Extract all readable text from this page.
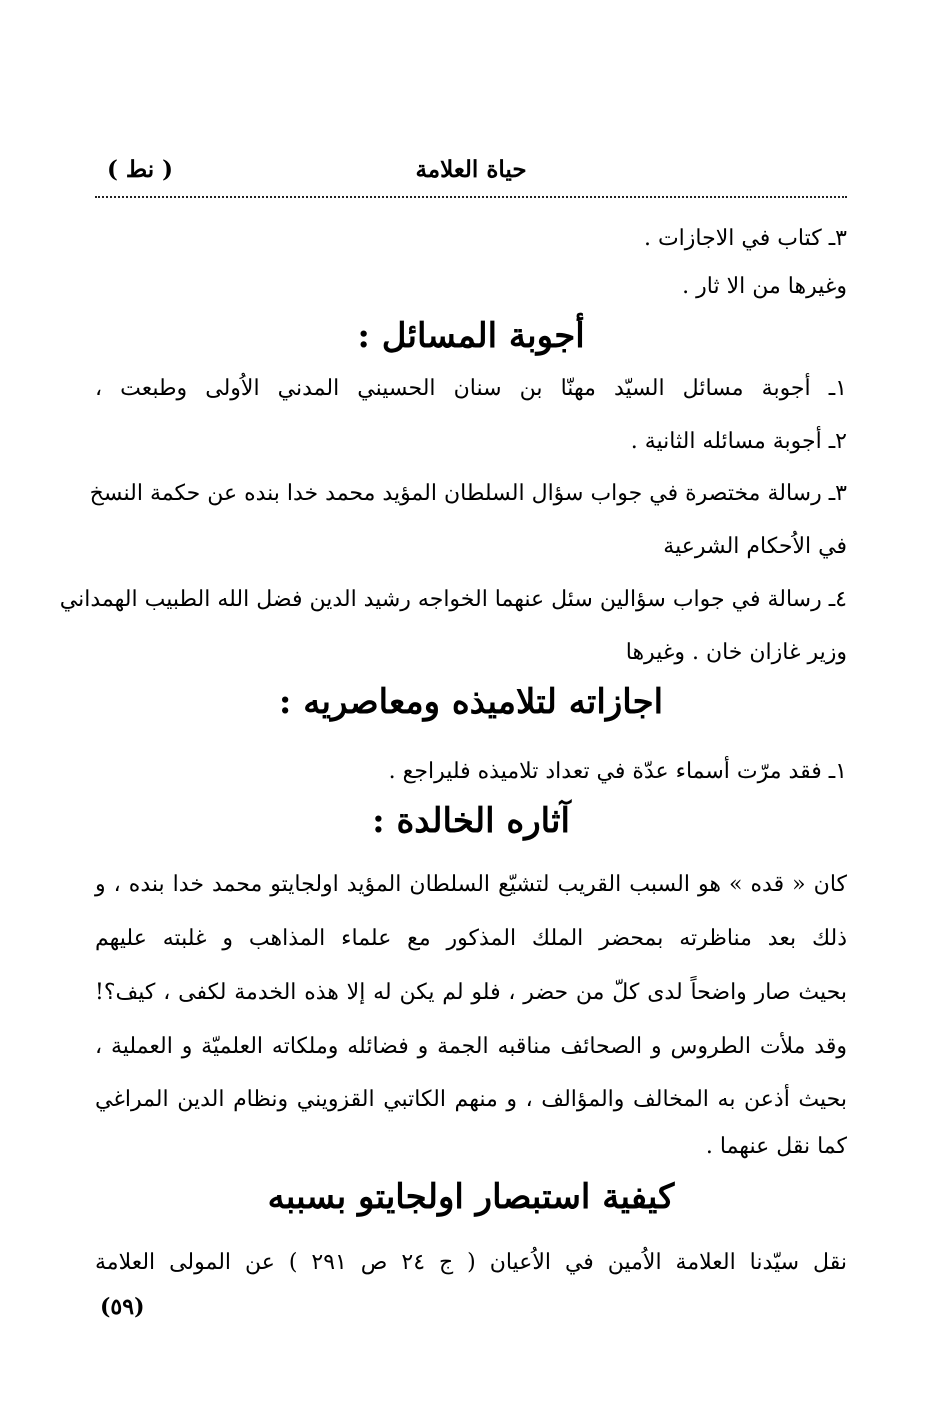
حياة العلامة
( نط )
٣ـ كتاب في الاجازات .
وغيرها من الا ثار .
أجوبة المسائل :
١ـ أجوبة مسائل السيّد مهنّا بن سنان الحسيني المدني الاُولى وطبعت ،
٢ـ أجوبة مسائله الثانية .
٣ـ رسالة مختصرة في جواب سؤال السلطان المؤيد محمد خدا بنده عن حكمة النسخ
في الاُحكام الشرعية
٤ـ رسالة في جواب سؤالين سئل عنهما الخواجه رشيد الدين فضل الله الطبيب الهمداني
وزير غازان خان . وغيرها
اجازاته لتلاميذه ومعاصريه :
١ـ فقد مرّت أسماء عدّة في تعداد تلاميذه فليراجع .
آثاره الخالدة :
كان « قده » هو السبب القريب لتشيّع السلطان المؤيد اولجايتو محمد خدا بنده ، و
ذلك بعد مناظرته بمحضر الملك المذكور مع علماء المذاهب و غلبته عليهم
بحيث صار واضحاً لدى كلّ من حضر ، فلو لم يكن له إلا هذه الخدمة لكفى ، كيف؟!
وقد ملأت الطروس و الصحائف مناقبه الجمة و فضائله وملكاته العلميّة و العملية ،
بحيث أذعن به المخالف والمؤالف ، و منهم الكاتبي القزويني ونظام الدين المراغي
كما نقل عنهما .
كيفية استبصار اولجايتو بسببه
نقل سيّدنا العلامة الاُمين في الاُعيان ( ج ٢٤ ص ٢٩١ ) عن المولى العلامة
(٥٩)
